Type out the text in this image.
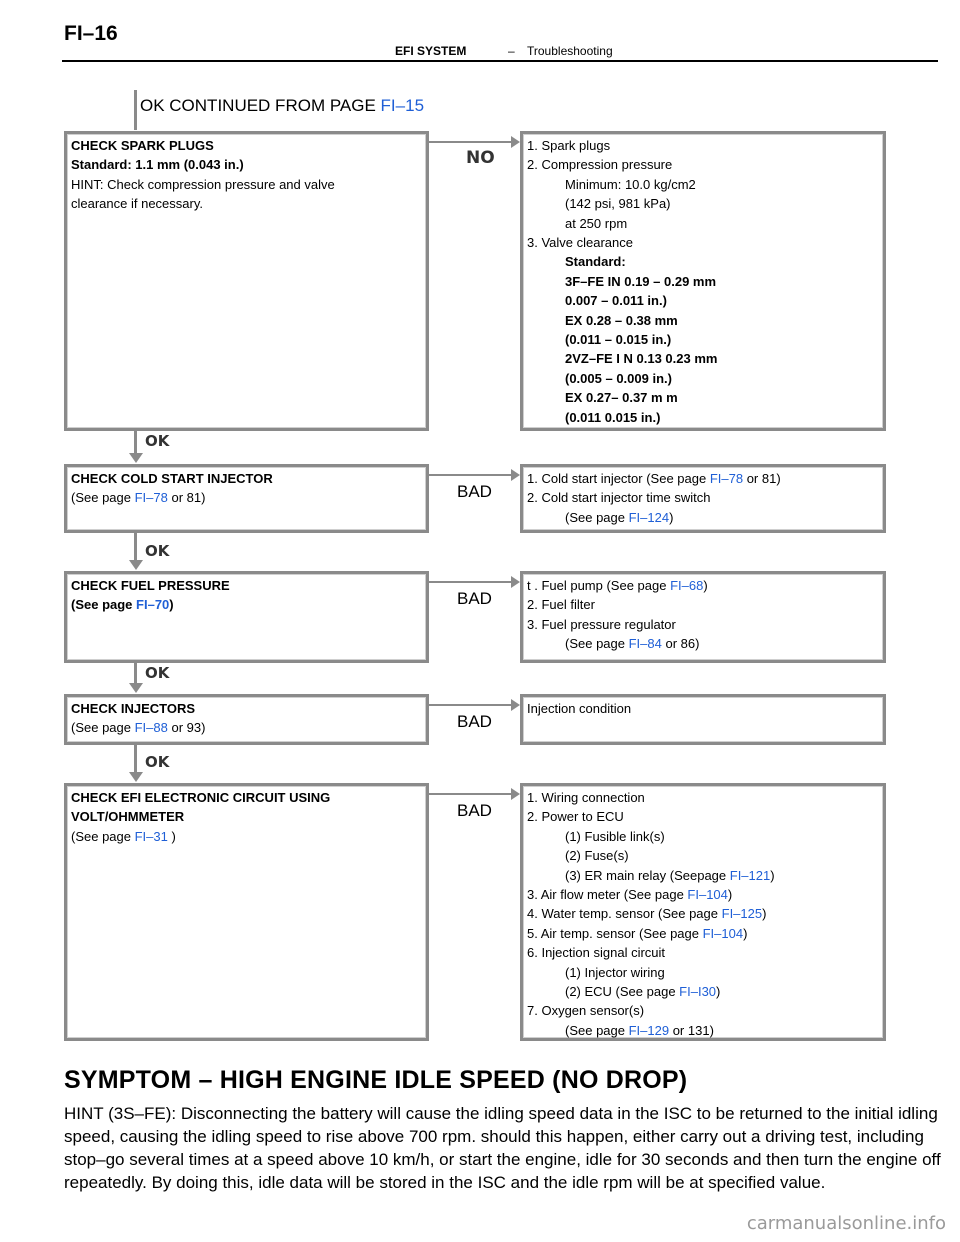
FI–16
EFI SYSTEM	– Troubleshooting
OK CONTINUED FROM PAGE FI–15
CHECK SPARK PLUGS
Standard: 1.1 mm (0.043 in.)
HINT: Check compression pressure and valve
clearance if necessary.
NO
1. Spark plugs
2. Compression pressure
Minimum: 10.0 kg/cm2
(142 psi, 981 kPa)
at 250 rpm
3. Valve clearance
Standard:
3F–FE IN 0.19 – 0.29 mm
0.007 – 0.011 in.)
EX 0.28 – 0.38 mm
(0.011 – 0.015 in.)
2VZ–FE I N 0.13 0.23 mm
(0.005 – 0.009 in.)
EX 0.27– 0.37 m m
(0.011 0.015 in.)
OK
CHECK COLD START INJECTOR
(See page FI–78 or 81)	BAD
1. Cold start injector (See page FI–78 or 81)
2. Cold start injector time switch
(See page FI–124)
OK
CHECK FUEL PRESSURE
(See page FI–70)	BAD
t . Fuel pump (See page FI–68)
2. Fuel filter
3. Fuel pressure regulator
(See page FI–84 or 86)
OK
CHECK INJECTORS
(See page FI–88 or 93)	BAD
Injection condition
OK
CHECK EFI ELECTRONIC CIRCUIT USING
VOLT/OHMMETER
(See page FI–31 )
BAD
1. Wiring connection
2. Power to ECU
(1) Fusible link(s)
(2) Fuse(s)
(3) ER main relay (Seepage FI–121)
3. Air flow meter (See page FI–104)
4. Water temp. sensor (See page FI–125)
5. Air temp. sensor (See page FI–104)
6. Injection signal circuit
(1) Injector wiring
(2) ECU (See page FI–I30)
7. Oxygen sensor(s)
(See page FI–129 or 131)
SYMPTOM – HIGH ENGINE IDLE SPEED (NO DROP)
HINT (3S–FE): Disconnecting the battery will cause the idling speed data in the ISC to be returned to the initial idling speed, causing the idling speed to rise above 700 rpm. should this happen, either carry out a driving test, including stop–go several times at a speed above 10 km/h, or start the engine, idle for 30 seconds and then turn the engine off repeatedly. By doing this, idle data will be stored in the ISC and the idle rpm will be at specified value.
carmanualsonline.info
